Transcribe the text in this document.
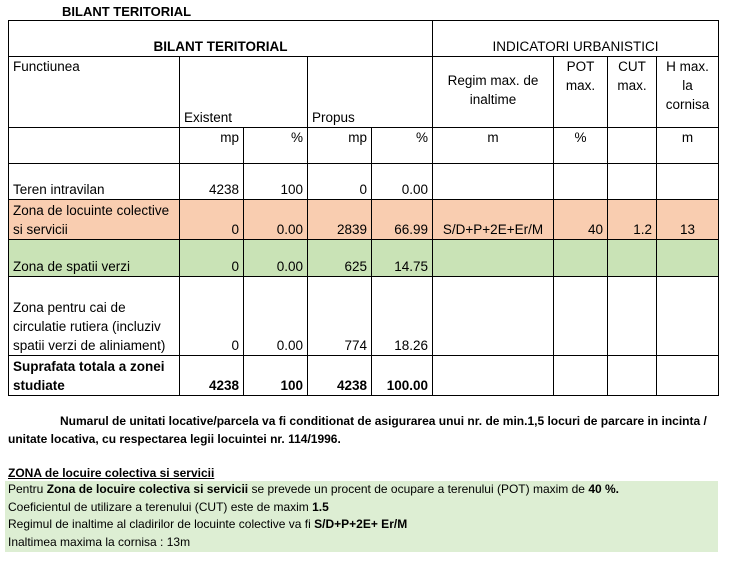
BILANT TERITORIAL
BILANT TERITORIAL					INDICATORI URBANISTICI			
Functiunea	Existent		Propus		Regim max. de inaltime	POT max.	CUT max.	H max. la cornisa
	mp	%	mp	%	m	%		m
Teren intravilan	4238	100	0	0.00				
Zona de locuinte colective si servicii	0	0.00	2839	66.99	S/D+P+2E+Er/M	40	1.2	13
Zona de spatii verzi	0	0.00	625	14.75				
Zona pentru cai de circulatie rutiera (incluziv spatii verzi de aliniament)	0	0.00	774	18.26				
Suprafata totala a zonei studiate	4238	100	4238	100.00				
Numarul de unitati locative/parcela va fi conditionat de asigurarea unui nr. de min.1,5 locuri de parcare in incinta / unitate locativa, cu respectarea legii locuintei nr. 114/1996.
ZONA de locuire colectiva si servicii
Pentru Zona de locuire colectiva si servicii se prevede un procent de ocupare a terenului (POT) maxim de 40 %.
Coeficientul de utilizare a terenului (CUT) este de maxim 1.5
Regimul de inaltime al cladirilor de locuinte colective va fi S/D+P+2E+ Er/M
Inaltimea maxima la cornisa : 13m
